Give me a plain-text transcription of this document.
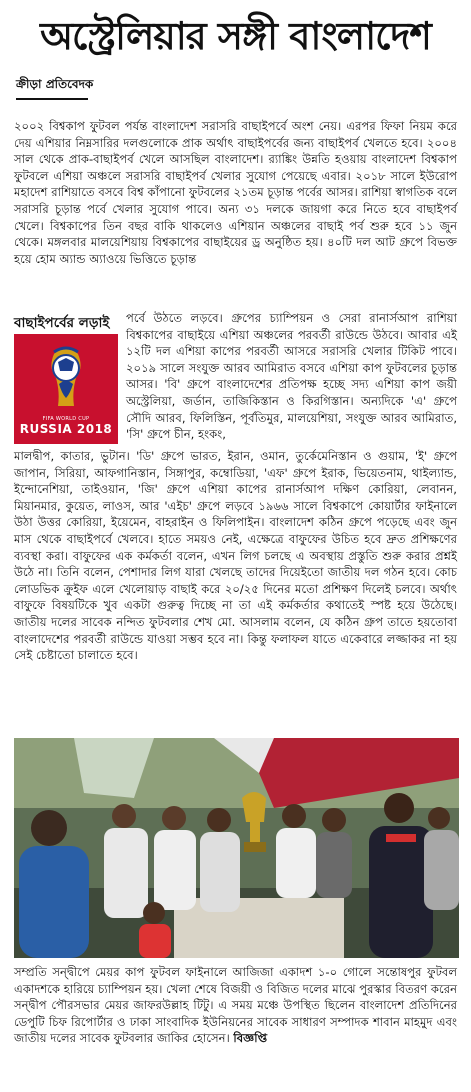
অস্ট্রেলিয়ার সঙ্গী বাংলাদেশ
ক্রীড়া প্রতিবেদক

২০০২ বিশ্বকাপ ফুটবল পর্যন্ত বাংলাদেশ সরাসরি বাছাইপর্বে অংশ নেয়। এরপর ফিফা নিয়ম করে দেয় এশিয়ার নিম্নসারির দলগুলোকে প্রাক অর্থাৎ বাছাইপর্বের জন্য বাছাইপর্ব খেলতে হবে। ২০০৪ সাল থেকে প্রাক-বাছাইপর্ব খেলে আসছিল বাংলাদেশ। র‌্যাঙ্কিং উন্নতি হওয়ায় বাংলাদেশ বিশ্বকাপ ফুটবলে এশিয়া অঞ্চলে সরাসরি বাছাইপর্ব খেলার সুযোগ পেয়েছে এবার। ২০১৮ সালে ইউরোপ মহাদেশ রাশিয়াতে বসবে বিশ্ব কাঁপানো ফুটবলের ২১তম চূড়ান্ত পর্বের আসর। রাশিয়া স্বাগতিক বলে সরাসরি চূড়ান্ত পর্বে খেলার সুযোগ পাবে। অন্য ৩১ দলকে জায়গা করে নিতে হবে বাছাইপর্ব খেলে। বিশ্বকাপের তিন বছর বাকি থাকলেও এশিয়ান অঞ্চলের বাছাই পর্ব শুরু হবে ১১ জুন থেকে। মঙ্গলবার মালয়েশিয়ায় বিশ্বকাপের বাছাইয়ের ড্র অনুষ্ঠিত হয়। ৪০টি দল আট গ্রুপে বিভক্ত হয়ে হোম অ্যান্ড অ্যাওয়ে ভিত্তিতে চূড়ান্ত

বাছাইপর্বের লড়াই
FIFA WORLD CUP
RUSSIA 2018

পর্বে উঠতে লড়বে। গ্রুপের চ্যাম্পিয়ন ও সেরা রানার্সআপ রাশিয়া বিশ্বকাপের বাছাইয়ে এশিয়া অঞ্চলের পরবর্তী রাউন্ডে উঠবে। আবার এই ১২টি দল এশিয়া কাপের পরবর্তী আসরে সরাসরি খেলার টিকিট পাবে। ২০১৯ সালে সংযুক্ত আরব আমিরাত বসবে এশিয়া কাপ ফুটবলের চূড়ান্ত আসর। 'বি' গ্রুপে বাংলাদেশের প্রতিপক্ষ হচ্ছে সদ্য এশিয়া কাপ জয়ী অস্ট্রেলিয়া, জর্ডান, তাজিকিস্তান ও কিরগিস্তান। অন্যদিকে 'এ' গ্রুপে সৌদি আরব, ফিলিস্তিন, পূর্বতিমুর, মালয়েশিয়া, সংযুক্ত আরব আমিরাত, 'সি' গ্রুপে চীন, হংকং,

মালদ্বীপ, কাতার, ভুটান। 'ডি' গ্রুপে ভারত, ইরান, ওমান, তুর্কেমেনিস্তান ও গুয়াম, 'ই' গ্রুপে জাপান, সিরিয়া, আফগানিস্তান, সিঙ্গাপুর, কম্বোডিয়া, 'এফ' গ্রুপে ইরাক, ভিয়েতনাম, থাইল্যান্ড, ইন্দোনেশিয়া, তাইওয়ান, 'জি' গ্রুপে এশিয়া কাপের রানার্সআপ দক্ষিণ কোরিয়া, লেবানন, মিয়ানমার, কুয়েত, লাওস, আর 'এইচ' গ্রুপে লড়বে ১৯৬৬ সালে বিশ্বকাপে কোয়ার্টার ফাইনালে উঠা উত্তর কোরিয়া, ইয়েমেন, বাহরাইন ও ফিলিপাইন। বাংলাদেশ কঠিন গ্রুপে পড়েছে এবং জুন মাস থেকে বাছাইপর্বে খেলবে। হাতে সময়ও নেই, এক্ষেত্রে বাফুফের উচিত হবে দ্রুত প্রশিক্ষণের ব্যবস্থা করা। বাফুফের এক কর্মকর্তা বলেন, এখন লিগ চলছে এ অবস্থায় প্রস্তুতি শুরু করার প্রশ্নই উঠে না। তিনি বলেন, পেশাদার লিগ যারা খেলছে তাদের দিয়েইতো জাতীয় দল গঠন হবে। কোচ লোডভিক ক্রুইফ এলে খেলোয়াড় বাছাই করে ২০/২৫ দিনের মতো প্রশিক্ষণ দিলেই চলবে। অর্থাৎ বাফুফে বিষয়টিকে খুব একটা গুরুত্ব দিচ্ছে না তা এই কর্মকর্তার কথাতেই স্পষ্ট হয়ে উঠেছে। জাতীয় দলের সাবেক নন্দিত ফুটবলার শেখ মো. আসলাম বলেন, যে কঠিন গ্রুপ তাতে হয়তোবা বাংলাদেশের পরবর্তী রাউন্ডে যাওয়া সম্ভব হবে না। কিন্তু ফলাফল যাতে একেবারে লজ্জাকর না হয় সেই চেষ্টাতো চালাতে হবে।

সম্প্রতি সন্দ্বীপে মেয়র কাপ ফুটবল ফাইনালে আজিজা একাদশ ১-০ গোলে সন্তোষপুর ফুটবল একাদশকে হারিয়ে চ্যাম্পিয়ন হয়। খেলা শেষে বিজয়ী ও বিজিত দলের মাঝে পুরস্কার বিতরণ করেন সন্দ্বীপ পৌরসভার মেয়র জাফরউল্লাহ টিটু। এ সময় মঞ্চে উপস্থিত ছিলেন বাংলাদেশ প্রতিদিনের ডেপুটি চিফ রিপোর্টার ও ঢাকা সাংবাদিক ইউনিয়নের সাবেক সাধারণ সম্পাদক শাবান মাহমুদ এবং জাতীয় দলের সাবেক ফুটবলার জাকির হোসেন। বিজ্ঞপ্তি
